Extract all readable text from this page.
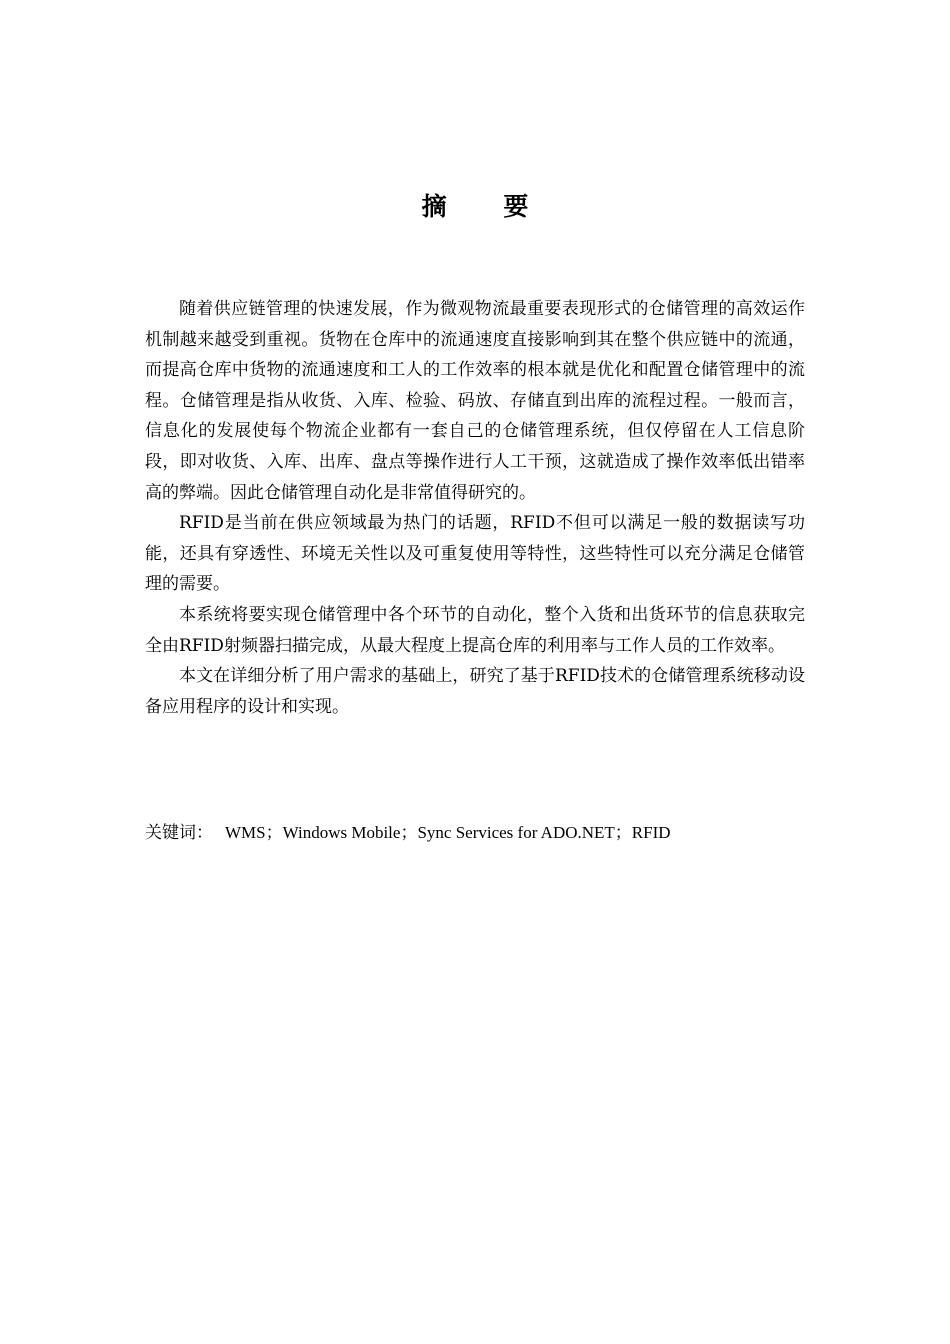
摘 要

随着供应链管理的快速发展，作为微观物流最重要表现形式的仓储管理的高效运作机制越来越受到重视。货物在仓库中的流通速度直接影响到其在整个供应链中的流通，而提高仓库中货物的流通速度和工人的工作效率的根本就是优化和配置仓储管理中的流程。仓储管理是指从收货、入库、检验、码放、存储直到出库的流程过程。一般而言，信息化的发展使每个物流企业都有一套自己的仓储管理系统，但仅停留在人工信息阶段，即对收货、入库、出库、盘点等操作进行人工干预，这就造成了操作效率低出错率高的弊端。因此仓储管理自动化是非常值得研究的。

RFID是当前在供应领域最为热门的话题，RFID不但可以满足一般的数据读写功能，还具有穿透性、环境无关性以及可重复使用等特性，这些特性可以充分满足仓储管理的需要。

本系统将要实现仓储管理中各个环节的自动化，整个入货和出货环节的信息获取完全由RFID射频器扫描完成，从最大程度上提高仓库的利用率与工作人员的工作效率。

本文在详细分析了用户需求的基础上，研究了基于RFID技术的仓储管理系统移动设备应用程序的设计和实现。

关键词： WMS；Windows Mobile；Sync Services for ADO.NET；RFID
